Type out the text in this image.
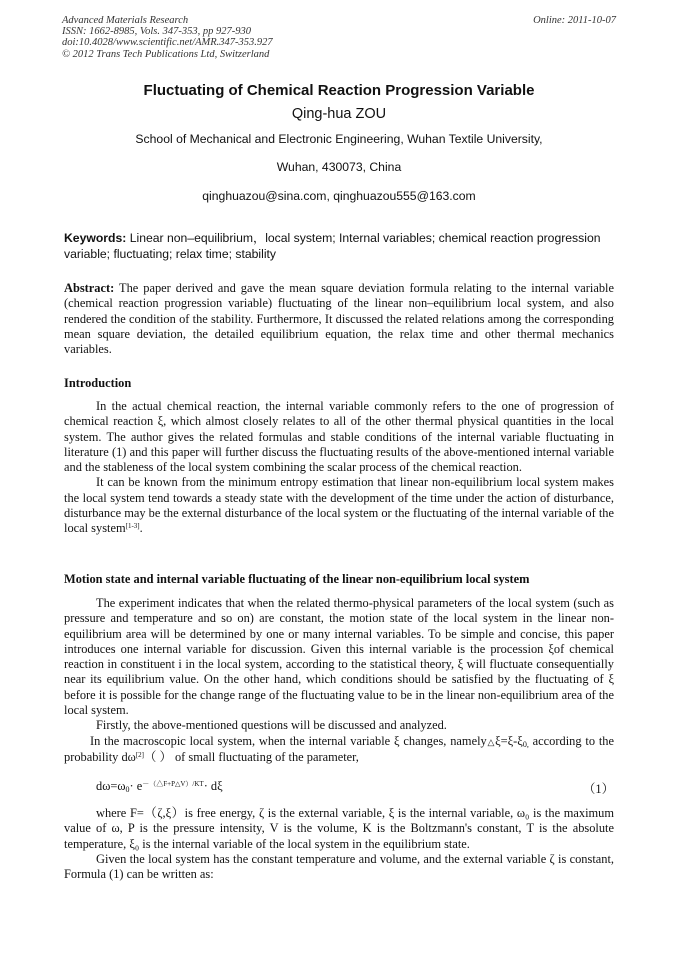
Advanced Materials Research
ISSN: 1662-8985, Vols. 347-353, pp 927-930
doi:10.4028/www.scientific.net/AMR.347-353.927
© 2012 Trans Tech Publications Ltd, Switzerland
Online: 2011-10-07
Fluctuating of Chemical Reaction Progression Variable
Qing-hua ZOU
School of Mechanical and Electronic Engineering, Wuhan Textile University,
Wuhan, 430073, China
qinghuazou@sina.com, qinghuazou555@163.com
Keywords: Linear non–equilibrium，local system; Internal variables; chemical reaction progression variable; fluctuating; relax time; stability
Abstract: The paper derived and gave the mean square deviation formula relating to the internal variable (chemical reaction progression variable) fluctuating of the linear non–equilibrium local system, and also rendered the condition of the stability. Furthermore, It discussed the related relations among the corresponding mean square deviation, the detailed equilibrium equation, the relax time and other thermal mechanics variables.
Introduction

In the actual chemical reaction, the internal variable commonly refers to the one of progression of chemical reaction ξ, which almost closely relates to all of the other thermal physical quantities in the local system. The author gives the related formulas and stable conditions of the internal variable fluctuating in literature (1) and this paper will further discuss the fluctuating results of the above-mentioned internal variable and the stableness of the local system combining the scalar process of the chemical reaction.

It can be known from the minimum entropy estimation that linear non-equilibrium local system makes the local system tend towards a steady state with the development of the time under the action of disturbance, disturbance may be the external disturbance of the local system or the fluctuating of the internal variable of the local system[1-3].

Motion state and internal variable fluctuating of the linear non-equilibrium local system

The experiment indicates that when the related thermo-physical parameters of the local system (such as pressure and temperature and so on) are constant, the motion state of the local system in the linear non-equilibrium area will be determined by one or many internal variables. To be simple and concise, this paper introduces one internal variable for discussion. Given this internal variable is the procession ξof chemical reaction in constituent i in the local system, according to the statistical theory, ξ will fluctuate consequentially near its equilibrium value. On the other hand, which conditions should be satisfied by the fluctuating of ξ before it is possible for the change range of the fluctuating value to be in the linear non-equilibrium area of the local system.

Firstly, the above-mentioned questions will be discussed and analyzed.

In the macroscopic local system, when the internal variable ξ changes, $namely\triangle\xi=\xi-\xi_{0,}$ according to the probability dω[2]（ ） of small fluctuating of the parameter,

$d\omega=\omega_0\cdot e^{-(\triangle F+P\triangle V)/KT}\cdot d\xi$	（1）

where F=（ζ,ξ）is free energy, ζ is the external variable, ξ is the internal variable, ω₀ is the maximum value of ω, P is the pressure intensity, V is the volume, K is the Boltzmann's constant, T is the absolute temperature, ξ₀ is the internal variable of the local system in the equilibrium state.

Given the local system has the constant temperature and volume, and the external variable ζ is constant, Formula (1) can be written as:
